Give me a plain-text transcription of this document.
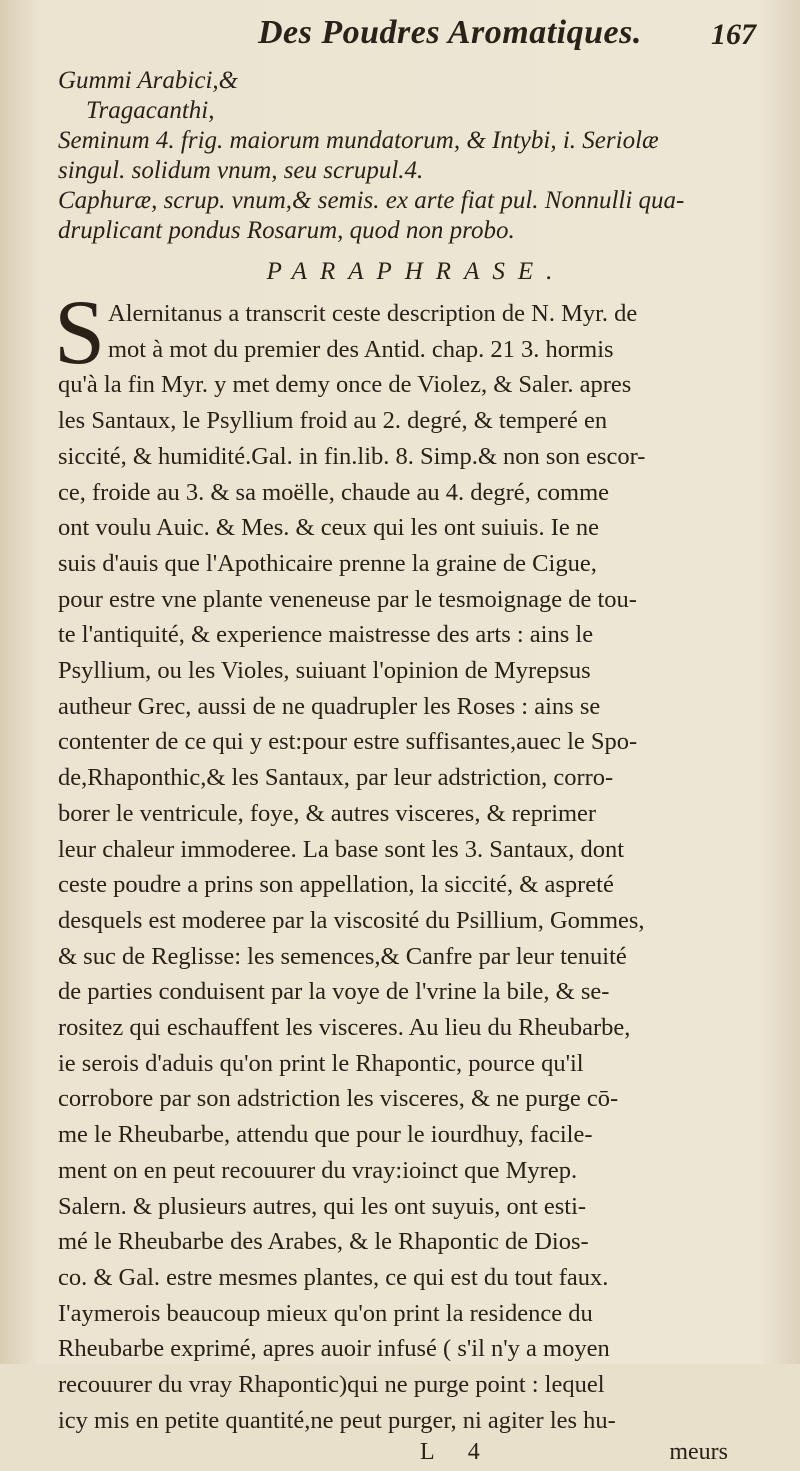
Des Poudres Aromatiques. 167

Gummi Arabici,&

Tragacanthi,

Seminum 4. frig. maiorum mundatorum, & Intybi, i. Seriolæ

singul. solidum vnum, seu scrupul.4.

Caphuræ, scrup. vnum,& semis. ex arte fiat pul. Nonnulli qua-

druplicant pondus Rosarum, quod non probo.

PARAPHRASE.
S Alernitanus a transcrit ceste description de N. Myr. de

mot à mot du premier des Antid. chap. 21 3. hormis

qu'à la fin Myr. y met demy once de Violez, & Saler. apres

les Santaux, le Psyllium froid au 2. degré, & temperé en

siccité, & humidité.Gal. in fin.lib. 8. Simp.& non son escor-

ce, froide au 3. & sa moëlle, chaude au 4. degré, comme

ont voulu Auic. & Mes. & ceux qui les ont suiuis. Ie ne

suis d'auis que l'Apothicaire prenne la graine de Cigue,

pour estre vne plante veneneuse par le tesmoignage de tou-

te l'antiquité, & experience maistresse des arts : ains le

Psyllium, ou les Violes, suiuant l'opinion de Myrepsus

autheur Grec, aussi de ne quadrupler les Roses : ains se

contenter de ce qui y est:pour estre suffisantes,auec le Spo-

de,Rhaponthic,& les Santaux, par leur adstriction, corro-

borer le ventricule, foye, & autres visceres, & reprimer

leur chaleur immoderee. La base sont les 3. Santaux, dont

ceste poudre a prins son appellation, la siccité, & aspreté

desquels est moderee par la viscosité du Psillium, Gommes,

& suc de Reglisse: les semences,& Canfre par leur tenuité

de parties conduisent par la voye de l'vrine la bile, & se-

rositez qui eschauffent les visceres. Au lieu du Rheubarbe,

ie serois d'aduis qu'on print le Rhapontic, pource qu'il

corrobore par son adstriction les visceres, & ne purge cō-

me le Rheubarbe, attendu que pour le iourdhuy, facile-

ment on en peut recouurer du vray:ioinct que Myrep.

Salern. & plusieurs autres, qui les ont suyuis, ont esti-

mé le Rheubarbe des Arabes, & le Rhapontic de Dios-

co. & Gal. estre mesmes plantes, ce qui est du tout faux.

I'aymerois beaucoup mieux qu'on print la residence du

Rheubarbe exprimé, apres auoir infusé ( s'il n'y a moyen

recouurer du vray Rhapontic)qui ne purge point : lequel

icy mis en petite quantité,ne peut purger, ni agiter les hu-

L 4	meurs
